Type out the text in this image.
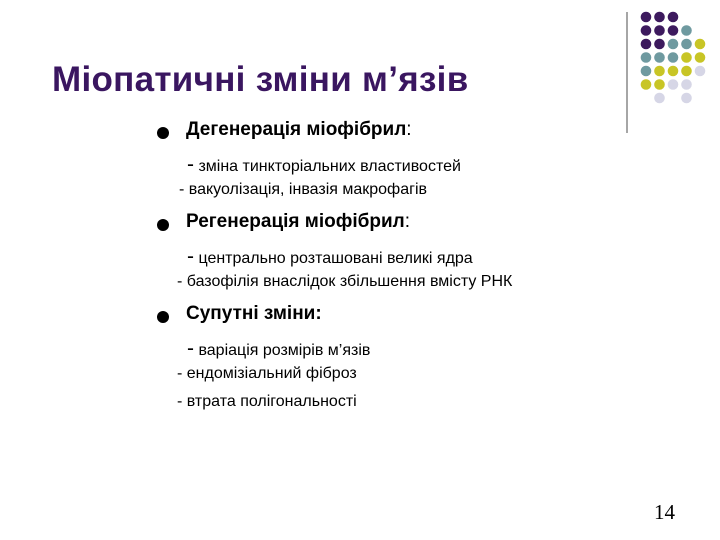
Міопатичні зміни м’язів
Дегенерація міофібрил:
- зміна тинкторіальних властивостей
- вакуолізація, інвазія макрофагів
Регенерація міофібрил:
- центрально розташовані великі ядра
- базофілія внаслідок збільшення вмісту РНК
Супутні зміни:
- варіація розмірів м’язів
- ендомізіальний фіброз
- втрата полігональності
14
